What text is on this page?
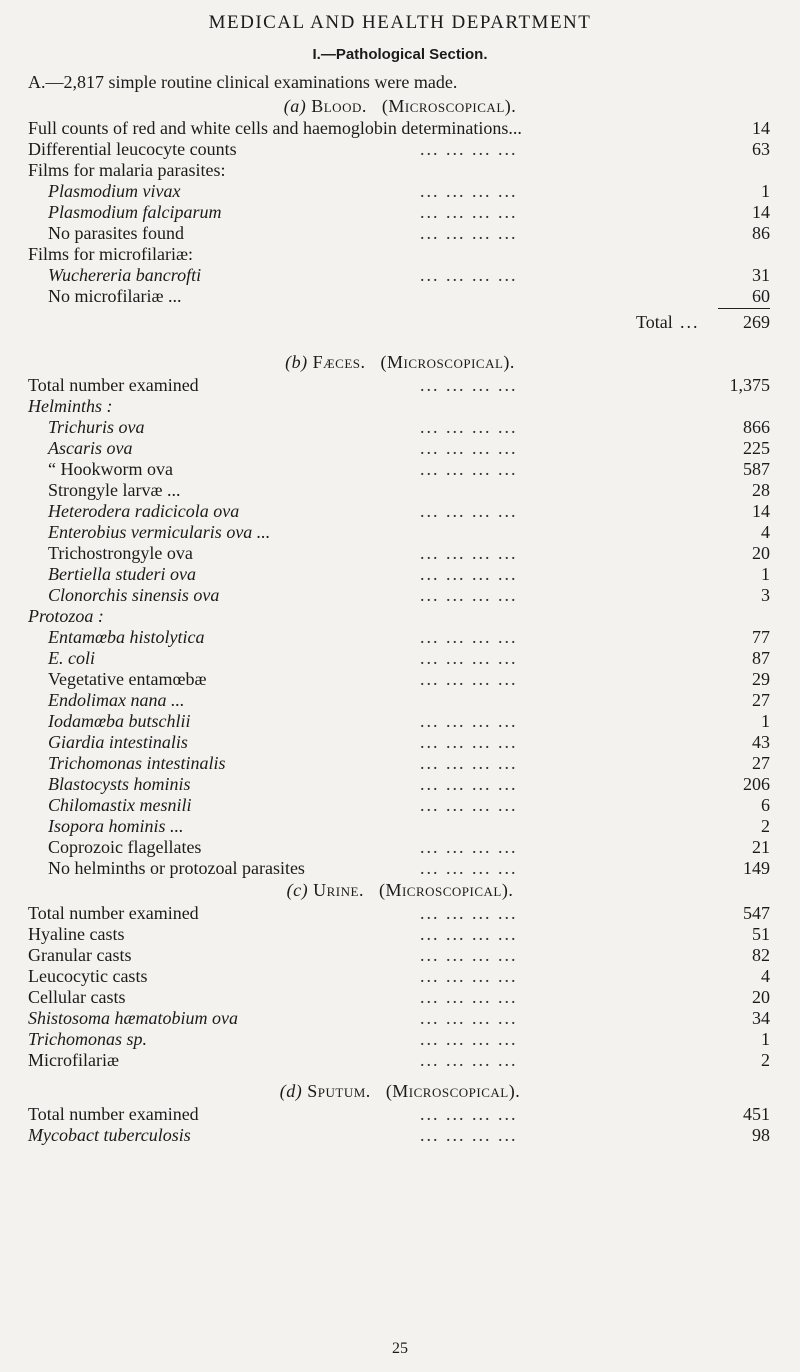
MEDICAL AND HEALTH DEPARTMENT
I.—Pathological Section.
A.—2,817 simple routine clinical examinations were made.
(a) Blood. (Microscopical).
Full counts of red and white cells and haemoglobin determinations...	14
Differential leucocyte counts	... ... ... ...	63
Films for malaria parasites:
Plasmodium vivax	... ... ... ...	1
Plasmodium falciparum	... ... ... ...	14
No parasites found	... ... ... ...	86
Films for microfilariæ:
Wuchereria bancrofti	... ... ... ...	31
No microfilariæ ...	60
Total ... 269
(b) Fæces. (Microscopical).
Total number examined	... ... ... ...	1,375
Helminths :
Trichuris ova	... ... ... ...	866
Ascaris ova	... ... ... ...	225
“ Hookworm ova	... ... ... ...	587
Strongyle larvæ ...	28
Heterodera radicicola ova	... ... ... ...	14
Enterobius vermicularis ova ...	4
Trichostrongyle ova	... ... ... ...	20
Bertiella studeri ova	... ... ... ...	1
Clonorchis sinensis ova	... ... ... ...	3
Protozoa :
Entamœba histolytica	... ... ... ...	77
E. coli	... ... ... ...	87
Vegetative entamœbæ	... ... ... ...	29
Endolimax nana ...	27
Iodamœba butschlii	... ... ... ...	1
Giardia intestinalis	... ... ... ...	43
Trichomonas intestinalis	... ... ... ...	27
Blastocysts hominis	... ... ... ...	206
Chilomastix mesnili	... ... ... ...	6
Isopora hominis ...	2
Coprozoic flagellates	... ... ... ...	21
No helminths or protozoal parasites	... ... ... ...	149
(c) Urine. (Microscopical).
Total number examined	... ... ... ...	547
Hyaline casts	... ... ... ...	51
Granular casts	... ... ... ...	82
Leucocytic casts	... ... ... ...	4
Cellular casts	... ... ... ...	20
Shistosoma hæmatobium ova	... ... ... ...	34
Trichomonas sp.	... ... ... ...	1
Microfilariæ	... ... ... ...	2
(d) Sputum. (Microscopical).
Total number examined	... ... ... ...	451
Mycobact tuberculosis	... ... ... ...	98
25
